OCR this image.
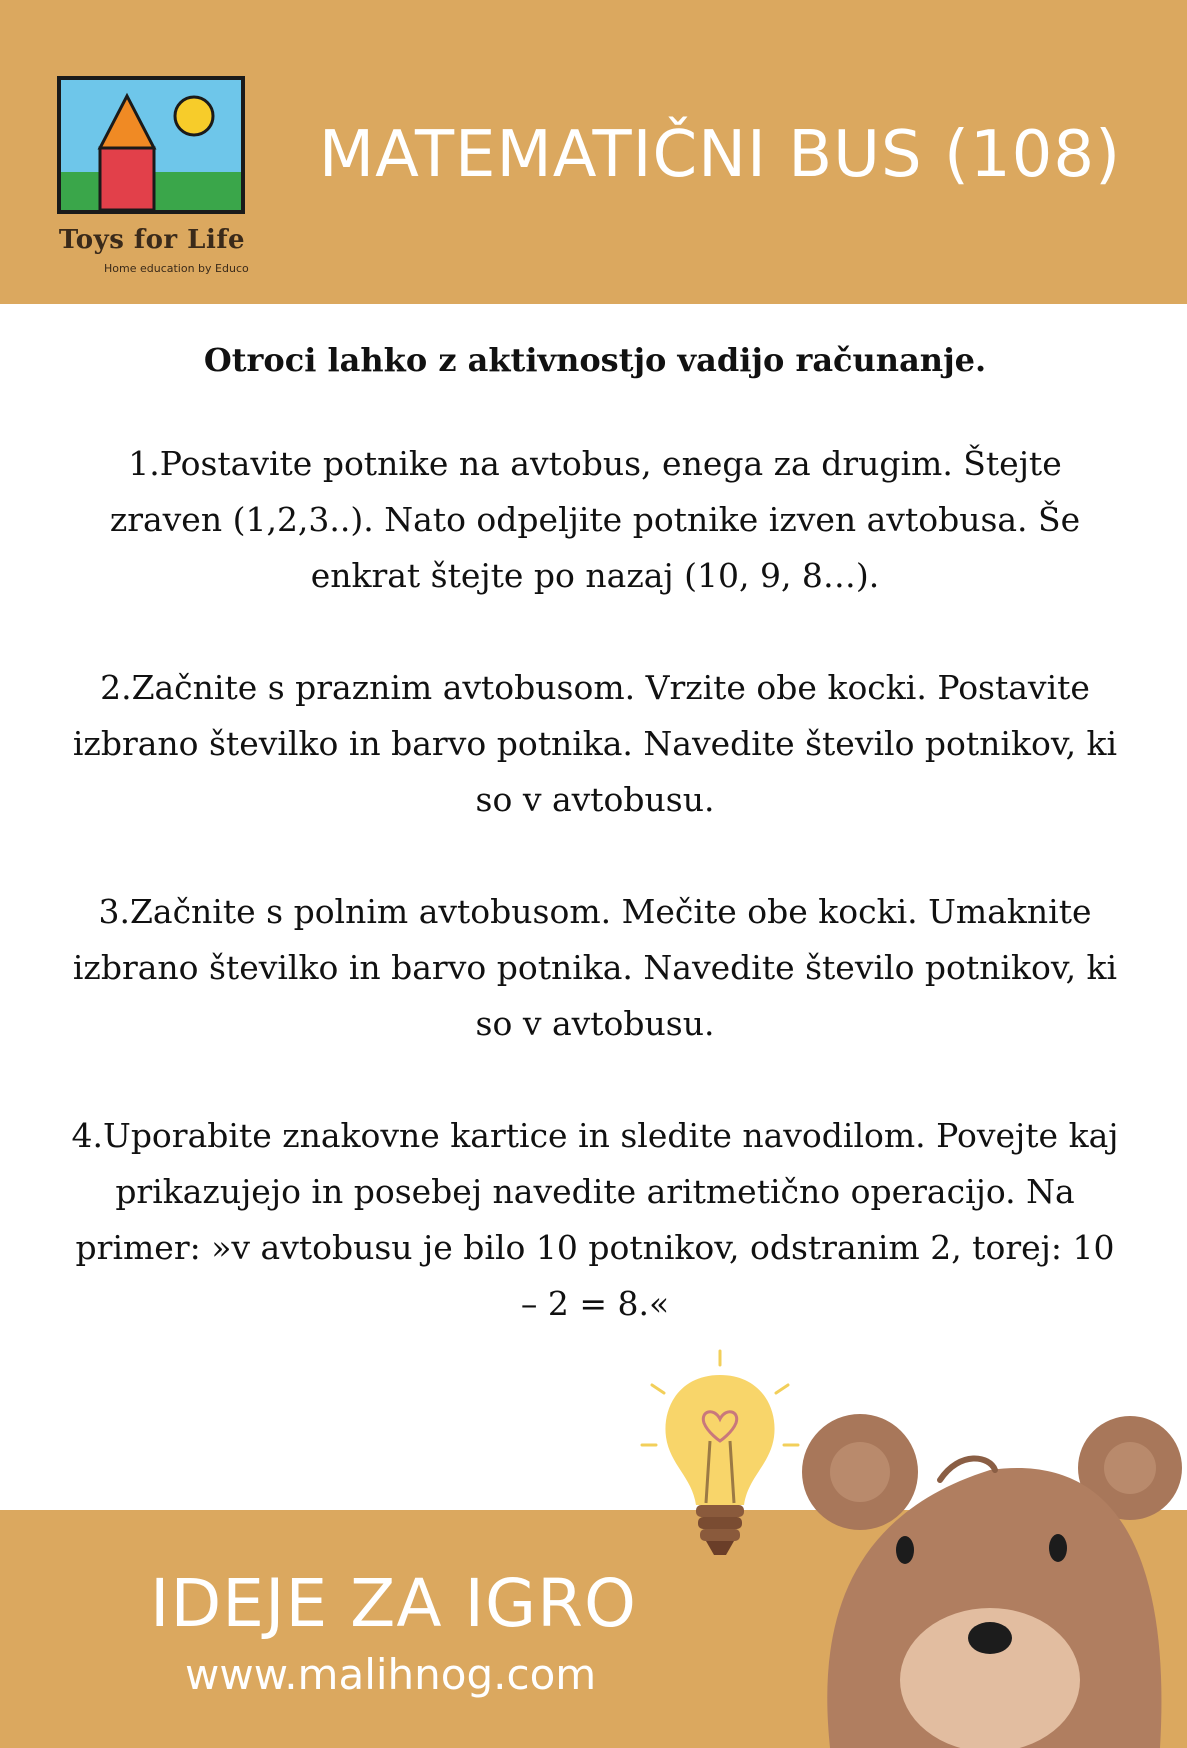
Toys for Life
Home education by Educo
MATEMATIČNI BUS (108)

Otroci lahko z aktivnostjo vadijo računanje.

1.Postavite potnike na avtobus, enega za drugim. Štejte zraven (1,2,3..). Nato odpeljite potnike izven avtobusa. Še enkrat štejte po nazaj (10, 9, 8…).

2.Začnite s praznim avtobusom. Vrzite obe kocki. Postavite izbrano številko in barvo potnika. Navedite število potnikov, ki so v avtobusu.

3.Začnite s polnim avtobusom. Mečite obe kocki. Umaknite izbrano številko in barvo potnika. Navedite število potnikov, ki so v avtobusu.

4.Uporabite znakovne kartice in sledite navodilom. Povejte kaj prikazujejo in posebej navedite aritmetično operacijo. Na primer: »v avtobusu je bilo 10 potnikov, odstranim 2, torej: 10 – 2 = 8.«

IDEJE ZA IGRO
www.malihnog.com
